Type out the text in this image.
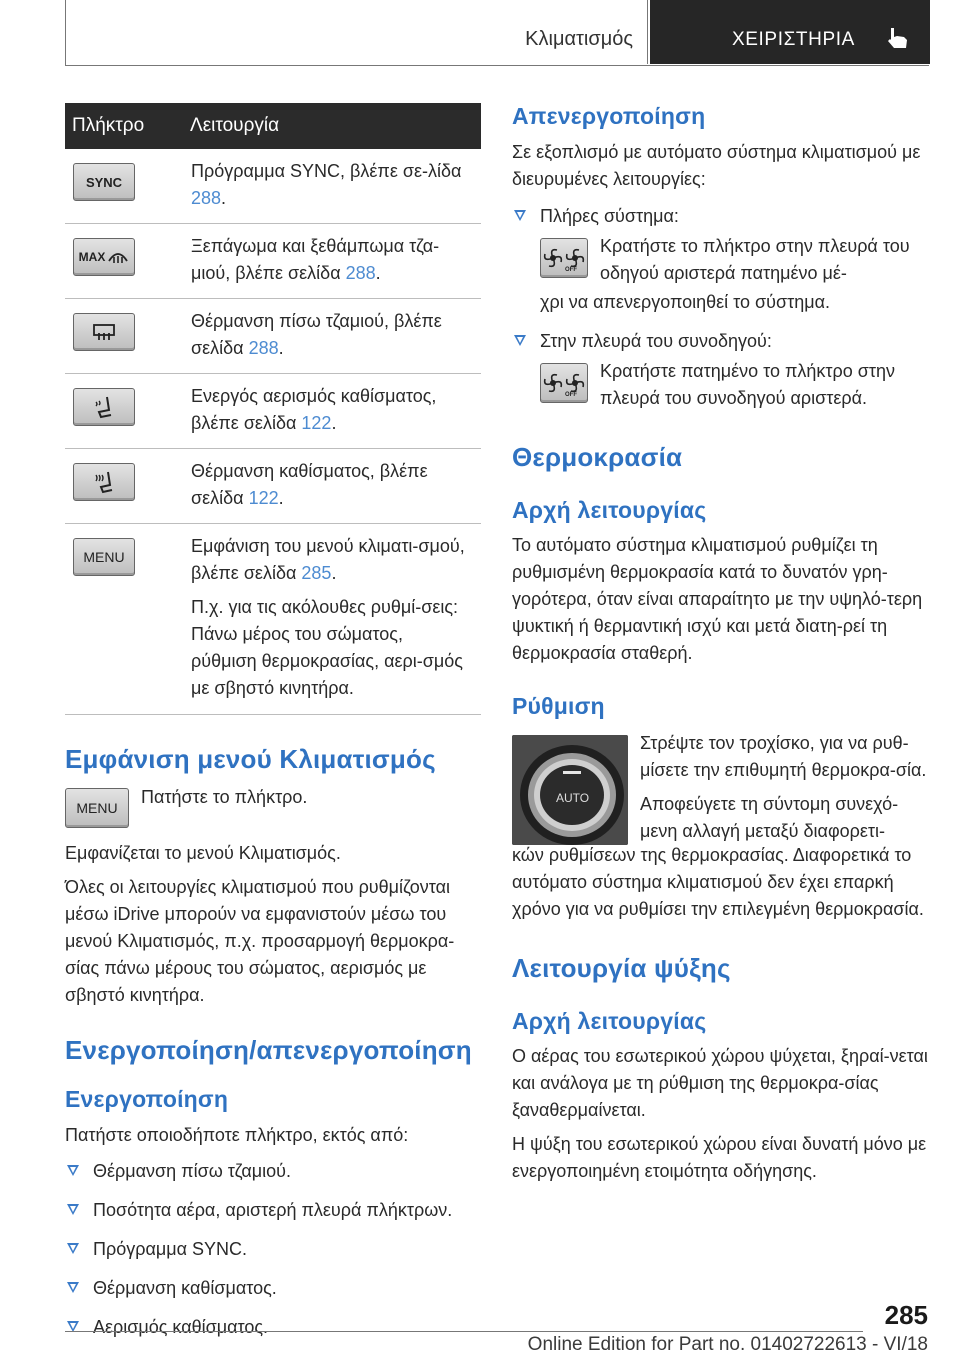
Κλιματισμός	ΧΕΙΡΙΣΤΗΡΙΑ
Πλήκτρο	Λειτουργία

SYNC	Πρόγραμμα SYNC, βλέπε σε-λίδα 288.

MAX	Ξεπάγωμα και ξεθάμπωμα τζα-μιού, βλέπε σελίδα 288.

Θέρμανση πίσω τζαμιού, βλέπε σελίδα 288.

Ενεργός αερισμός καθίσματος, βλέπε σελίδα 122.

Θέρμανση καθίσματος, βλέπε σελίδα 122.

MENU	Εμφάνιση του μενού κλιματι-σμού, βλέπε σελίδα 285.

Π.χ. για τις ακόλουθες ρυθμί-σεις: Πάνω μέρος του σώματος, ρύθμιση θερμοκρασίας, αερι-σμός με σβηστό κινητήρα.

Εμφάνιση μενού Κλιματισμός
MENU

Πατήστε το πλήκτρο.

Εμφανίζεται το μενού Κλιματισμός.

Όλες οι λειτουργίες κλιματισμού που ρυθμίζονται μέσω iDrive μπορούν να εμφανιστούν μέσω του μενού Κλιματισμός, π.χ. προσαρμογή θερμοκρα-σίας πάνω μέρους του σώματος, αερισμός με σβηστό κινητήρα.

Ενεργοποίηση/απενεργοποίηση
Ενεργοποίηση

Πατήστε οποιοδήποτε πλήκτρο, εκτός από:

Θέρμανση πίσω τζαμιού.
Ποσότητα αέρα, αριστερή πλευρά πλήκτρων.
Πρόγραμμα SYNC.
Θέρμανση καθίσματος.
Αερισμός καθίσματος.
Απενεργοποίηση

Σε εξοπλισμό με αυτόματο σύστημα κλιματισμού με διευρυμένες λειτουργίες:

Πλήρες σύστημα:
OFF

Κρατήστε το πλήκτρο στην πλευρά του οδηγού αριστερά πατημένο μέ-

χρι να απενεργοποιηθεί το σύστημα.

Στην πλευρά του συνοδηγού:
OFF

Κρατήστε πατημένο το πλήκτρο στην πλευρά του συνοδηγού αριστερά.

Θερμοκρασία
Αρχή λειτουργίας

Το αυτόματο σύστημα κλιματισμού ρυθμίζει τη ρυθμισμένη θερμοκρασία κατά το δυνατόν γρη-γορότερα, όταν είναι απαραίτητο με την υψηλό-τερη ψυκτική ή θερμαντική ισχύ και μετά διατη-ρεί τη θερμοκρασία σταθερή.

Ρύθμιση
AUTO

Στρέψτε τον τροχίσκο, για να ρυθ-μίσετε την επιθυμητή θερμοκρα-σία.

Αποφεύγετε τη σύντομη συνεχό-μενη αλλαγή μεταξύ διαφορετι-

κών ρυθμίσεων της θερμοκρασίας. Διαφορετικά το αυτόματο σύστημα κλιματισμού δεν έχει επαρκή χρόνο για να ρυθμίσει την επιλεγμένη θερμοκρασία.

Λειτουργία ψύξης
Αρχή λειτουργίας

Ο αέρας του εσωτερικού χώρου ψύχεται, ξηραί-νεται και ανάλογα με τη ρύθμιση της θερμοκρα-σίας ξαναθερμαίνεται.

Η ψύξη του εσωτερικού χώρου είναι δυνατή μόνο με ενεργοποιημένη ετοιμότητα οδήγησης.

285
Online Edition for Part no. 01402722613 - VI/18
